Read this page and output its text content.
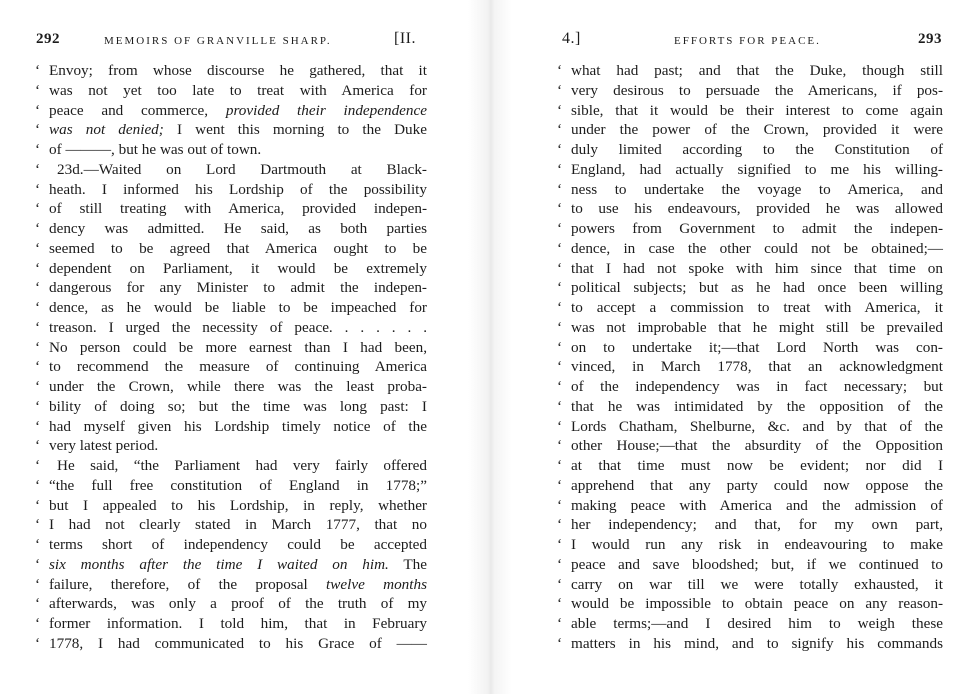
292	MEMOIRS OF GRANVILLE SHARP.	[II.
‘ Envoy; from whose discourse he gathered, that it
‘ was not yet too late to treat with America for
‘ peace and commerce, provided their independence
‘ was not denied; I went this morning to the Duke
‘ of ———, but he was out of town.
‘ 23d.—Waited on Lord Dartmouth at Black-
‘ heath. I informed his Lordship of the possibility
‘ of still treating with America, provided indepen-
‘ dency was admitted. He said, as both parties
‘ seemed to be agreed that America ought to be
‘ dependent on Parliament, it would be extremely
‘ dangerous for any Minister to admit the indepen-
‘ dence, as he would be liable to be impeached for
‘ treason. I urged the necessity of peace. . . . . . .
‘ No person could be more earnest than I had been,
‘ to recommend the measure of continuing America
‘ under the Crown, while there was the least proba-
‘ bility of doing so; but the time was long past: I
‘ had myself given his Lordship timely notice of the
‘ very latest period.
‘ He said, “the Parliament had very fairly offered
‘ “the full free constitution of England in 1778;”
‘ but I appealed to his Lordship, in reply, whether
‘ I had not clearly stated in March 1777, that no
‘ terms short of independency could be accepted
‘ six months after the time I waited on him. The
‘ failure, therefore, of the proposal twelve months
‘ afterwards, was only a proof of the truth of my
‘ former information. I told him, that in February
‘ 1778, I had communicated to his Grace of ——
4.]	EFFORTS FOR PEACE.	293
‘ what had past; and that the Duke, though still
‘ very desirous to persuade the Americans, if pos-
‘ sible, that it would be their interest to come again
‘ under the power of the Crown, provided it were
‘ duly limited according to the Constitution of
‘ England, had actually signified to me his willing-
‘ ness to undertake the voyage to America, and
‘ to use his endeavours, provided he was allowed
‘ powers from Government to admit the indepen-
‘ dence, in case the other could not be obtained;—
‘ that I had not spoke with him since that time on
‘ political subjects; but as he had once been willing
‘ to accept a commission to treat with America, it
‘ was not improbable that he might still be prevailed
‘ on to undertake it;—that Lord North was con-
‘ vinced, in March 1778, that an acknowledgment
‘ of the independency was in fact necessary; but
‘ that he was intimidated by the opposition of the
‘ Lords Chatham, Shelburne, &c. and by that of the
‘ other House;—that the absurdity of the Opposition
‘ at that time must now be evident; nor did I
‘ apprehend that any party could now oppose the
‘ making peace with America and the admission of
‘ her independency; and that, for my own part,
‘ I would run any risk in endeavouring to make
‘ peace and save bloodshed; but, if we continued to
‘ carry on war till we were totally exhausted, it
‘ would be impossible to obtain peace on any reason-
‘ able terms;—and I desired him to weigh these
‘ matters in his mind, and to signify his commands
